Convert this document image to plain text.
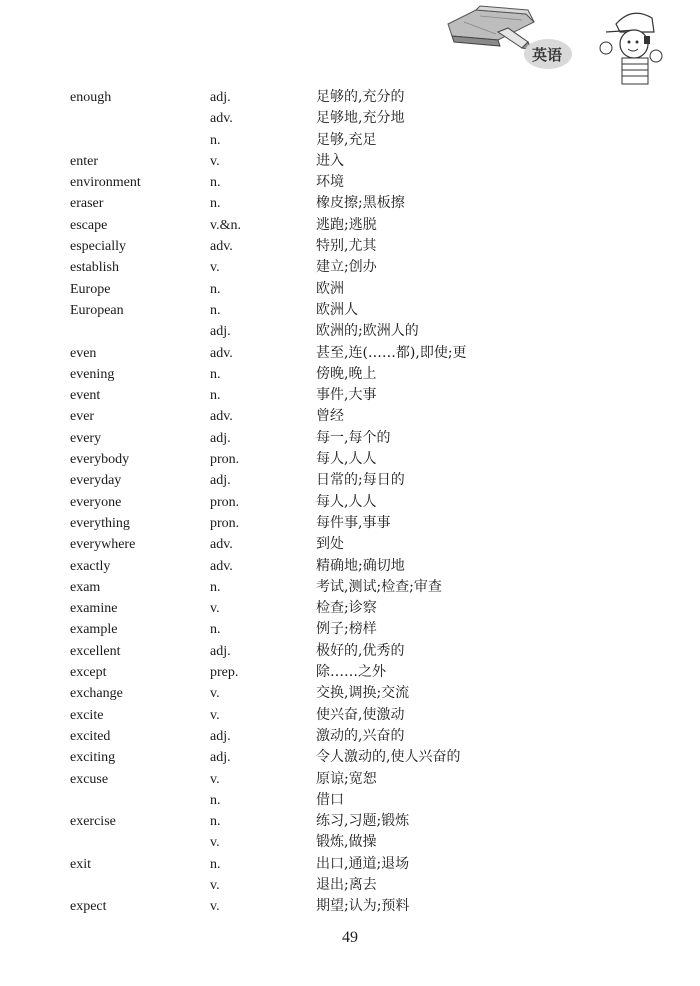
英语
enough	adj.	足够的,充分的
adv.	足够地,充分地
n.	足够,充足
enter	v.	进入
environment	n.	环境
eraser	n.	橡皮擦;黑板擦
escape	v.&n.	逃跑;逃脱
especially	adv.	特别,尤其
establish	v.	建立;创办
Europe	n.	欧洲
European	n.	欧洲人
adj.	欧洲的;欧洲人的
even	adv.	甚至,连(……都),即使;更
evening	n.	傍晚,晚上
event	n.	事件,大事
ever	adv.	曾经
every	adj.	每一,每个的
everybody	pron.	每人,人人
everyday	adj.	日常的;每日的
everyone	pron.	每人,人人
everything	pron.	每件事,事事
everywhere	adv.	到处
exactly	adv.	精确地;确切地
exam	n.	考试,测试;检查;审查
examine	v.	检查;诊察
example	n.	例子;榜样
excellent	adj.	极好的,优秀的
except	prep.	除……之外
exchange	v.	交换,调换;交流
excite	v.	使兴奋,使激动
excited	adj.	激动的,兴奋的
exciting	adj.	令人激动的,使人兴奋的
excuse	v.	原谅;宽恕
n.	借口
exercise	n.	练习,习题;锻炼
v.	锻炼,做操
exit	n.	出口,通道;退场
v.	退出;离去
expect	v.	期望;认为;预料
49
